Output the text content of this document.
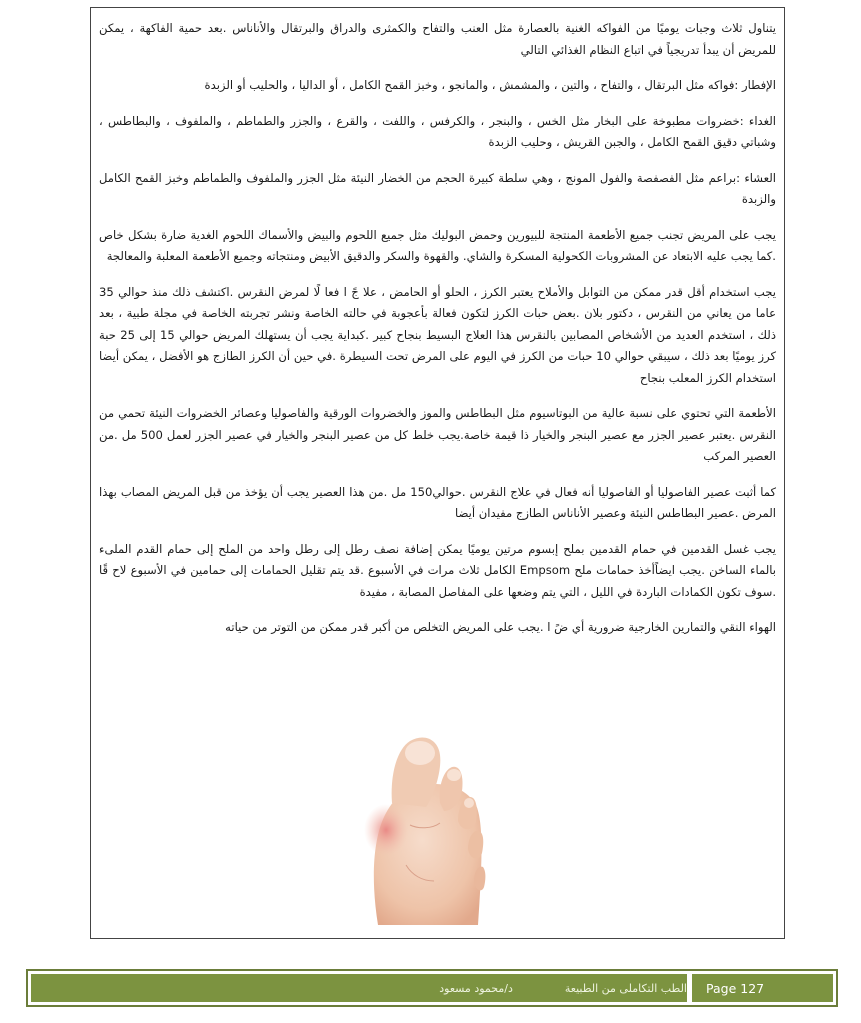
يتناول ثلاث وجبات يوميًا من الفواكه الغنية بالعصارة مثل العنب والتفاح والكمثرى والدراق والبرتقال والأناناس .بعد حمية الفاكهة ، يمكن للمريض أن يبدأ تدريجياً في اتباع النظام الغذائي التالي

الإفطار :فواكه مثل البرتقال ، والتفاح ، والتين ، والمشمش ، والمانجو ، وخبز القمح الكامل ، أو الداليا ، والحليب أو الزبدة

الغداء :خضروات مطبوخة على البخار مثل الخس ، والبنجر ، والكرفس ، واللفت ، والقرع ، والجزر والطماطم ، والملفوف ، والبطاطس ، وشباتي دقيق القمح الكامل ، والجبن القريش ، وحليب الزبدة

العشاء :براعم مثل الفصفصة والفول المونج ، وهي سلطة كبيرة الحجم من الخضار النيئة مثل الجزر والملفوف والطماطم وخبز القمح الكامل والزبدة

يجب على المريض تجنب جميع الأطعمة المنتجة للبيورين وحمض البوليك مثل جميع اللحوم والبيض والأسماك اللحوم الغدية ضارة بشكل خاص .كما يجب عليه الابتعاد عن المشروبات الكحولية المسكرة والشاي. والقهوة والسكر والدقيق الأبيض ومنتجاته وجميع الأطعمة المعلبة والمعالجة

يجب استخدام أقل قدر ممكن من التوابل والأملاح يعتبر الكرز ، الحلو أو الحامض ، علا جً ا فعا لًا لمرض النقرس .اكتشف ذلك منذ حوالي 35 عاما من يعاني من النقرس ، دكتور بلان .بعض حبات الكرز لتكون فعالة بأعجوبة في حالته الخاصة ونشر تجربته الخاصة في مجلة طبية ، بعد ذلك ، استخدم العديد من الأشخاص المصابين بالنقرس هذا العلاج البسيط بنجاح كبير .كبداية يجب أن يستهلك المريض حوالي 15 إلى 25 حبة كرز يوميًا بعد ذلك ، سيبقي حوالي 10 حبات من الكرز في اليوم على المرض تحت السيطرة .في حين أن الكرز الطازج هو الأفضل ، يمكن أيضا استخدام الكرز المعلب بنجاح

الأطعمة التي تحتوي على نسبة عالية من البوتاسيوم مثل البطاطس والموز والخضروات الورقية والفاصوليا وعصائر الخضروات النيئة تحمي من النقرس .يعتبر عصير الجزر مع عصير البنجر والخيار ذا قيمة خاصة.يجب خلط كل من عصير البنجر والخيار في عصير الجزر لعمل 500 مل .من العصير المركب

كما أثبت عصير الفاصوليا أو الفاصوليا أنه فعال في علاج النقرس .حوالي150 مل .من هذا العصير يجب أن يؤخذ من قبل المريض المصاب بهذا المرض .عصير البطاطس النيئة وعصير الأناناس الطازج مفيدان أيضا

يجب غسل القدمين في حمام القدمين بملح إبسوم مرتين يوميًا يمكن إضافة نصف رطل إلى رطل واحد من الملح إلى حمام القدم الملىء بالماء الساخن .يجب ايضاًأخذ حمامات ملح Empsom الكامل ثلاث مرات في الأسبوع .قد يتم تقليل الحمامات إلى حمامين في الأسبوع لاح قًا .سوف تكون الكمادات الباردة في الليل ، التي يتم وضعها على المفاصل المصابة ، مفيدة

الهواء النقي والتمارين الخارجية ضرورية أي ضً ا .يجب على المريض التخلص من أكبر قدر ممكن من التوتر من حياته

الطب التكاملى من الطبيعة
د/محمود مسعود	Page 127
